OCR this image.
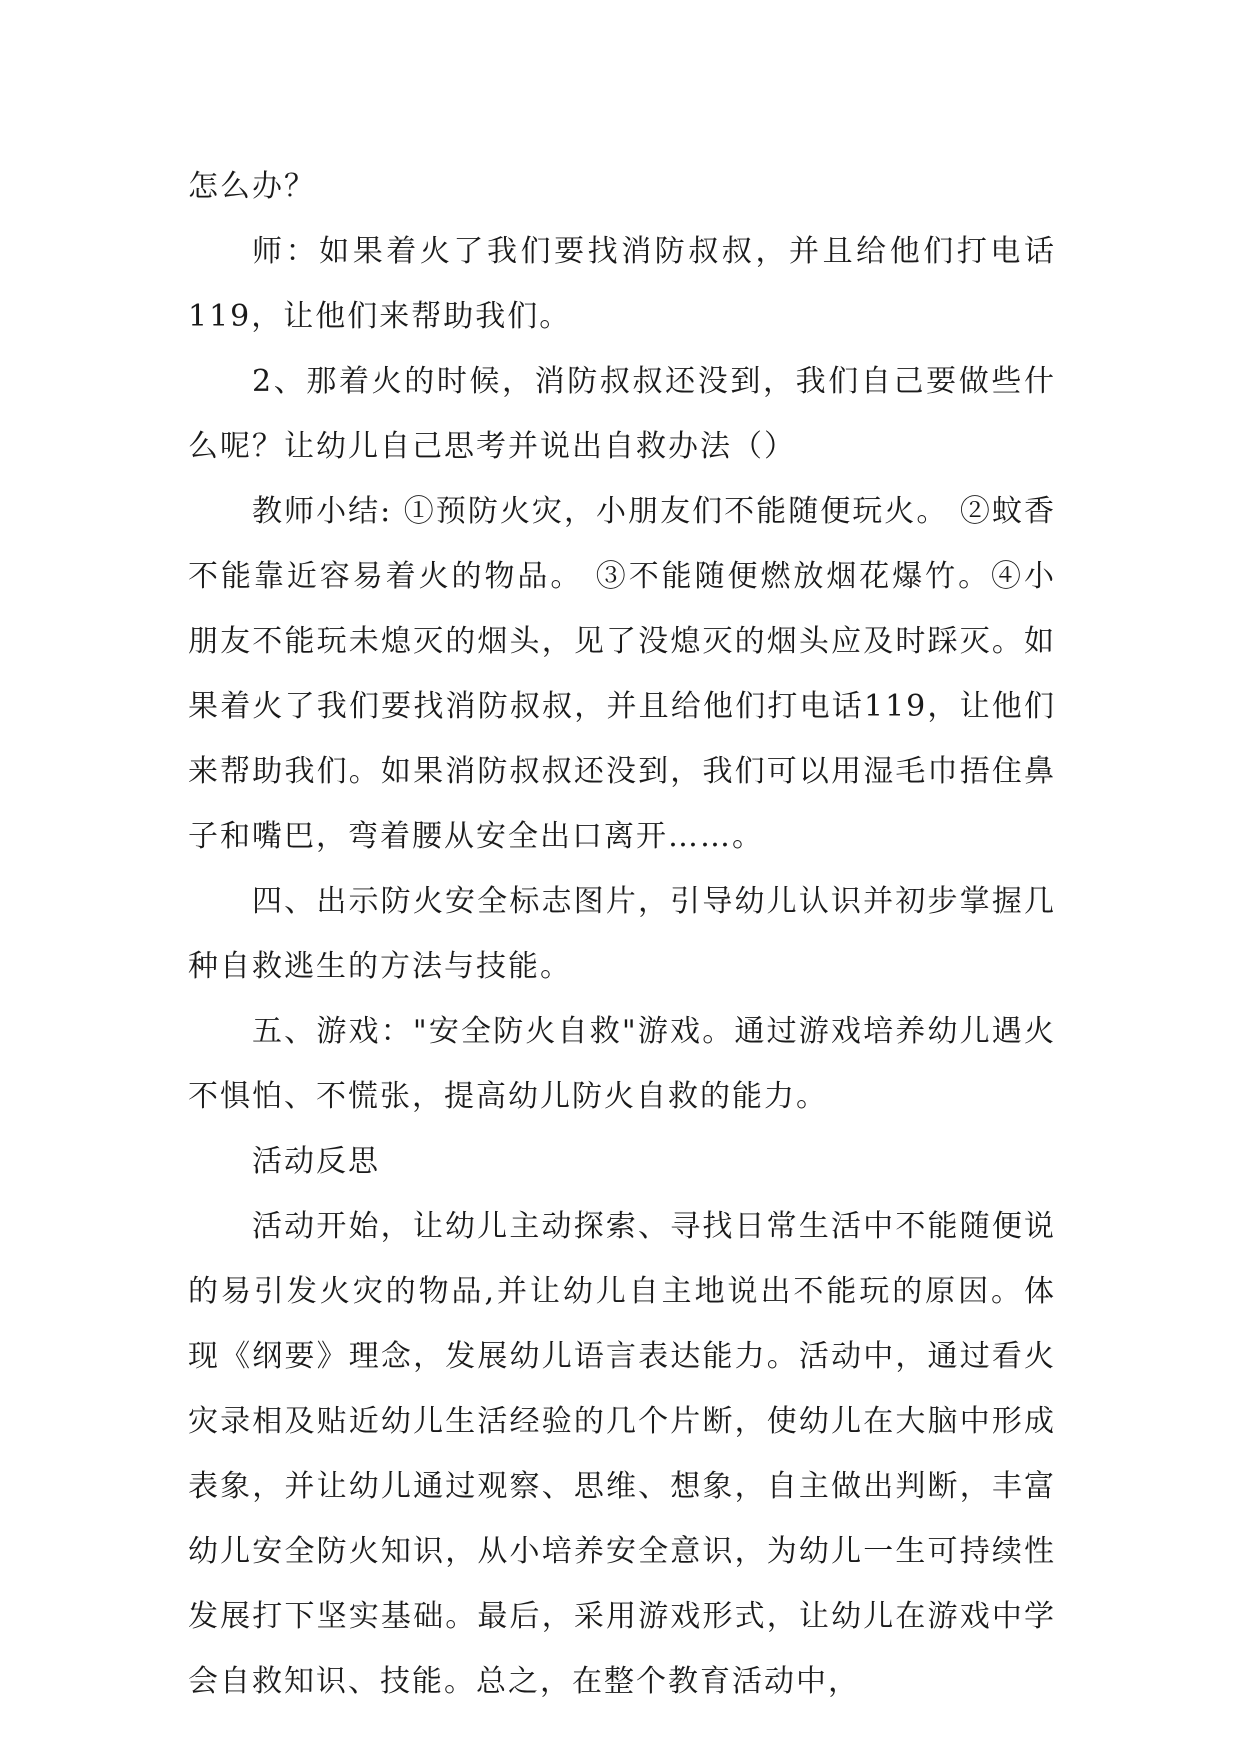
怎么办？

师：如果着火了我们要找消防叔叔，并且给他们打电话119，让他们来帮助我们。

2、那着火的时候，消防叔叔还没到，我们自己要做些什么呢？让幼儿自己思考并说出自救办法（）

教师小结: ①预防火灾，小朋友们不能随便玩火。 ②蚊香不能靠近容易着火的物品。 ③不能随便燃放烟花爆竹。④小朋友不能玩未熄灭的烟头，见了没熄灭的烟头应及时踩灭。如果着火了我们要找消防叔叔，并且给他们打电话119，让他们来帮助我们。如果消防叔叔还没到，我们可以用湿毛巾捂住鼻子和嘴巴，弯着腰从安全出口离开……。

四、出示防火安全标志图片，引导幼儿认识并初步掌握几种自救逃生的方法与技能。

五、游戏："安全防火自救"游戏。通过游戏培养幼儿遇火不惧怕、不慌张，提高幼儿防火自救的能力。

活动反思

活动开始，让幼儿主动探索、寻找日常生活中不能随便说的易引发火灾的物品,并让幼儿自主地说出不能玩的原因。体现《纲要》理念，发展幼儿语言表达能力。活动中，通过看火灾录相及贴近幼儿生活经验的几个片断，使幼儿在大脑中形成表象，并让幼儿通过观察、思维、想象，自主做出判断，丰富幼儿安全防火知识，从小培养安全意识，为幼儿一生可持续性发展打下坚实基础。最后，采用游戏形式，让幼儿在游戏中学会自救知识、技能。总之，在整个教育活动中，
